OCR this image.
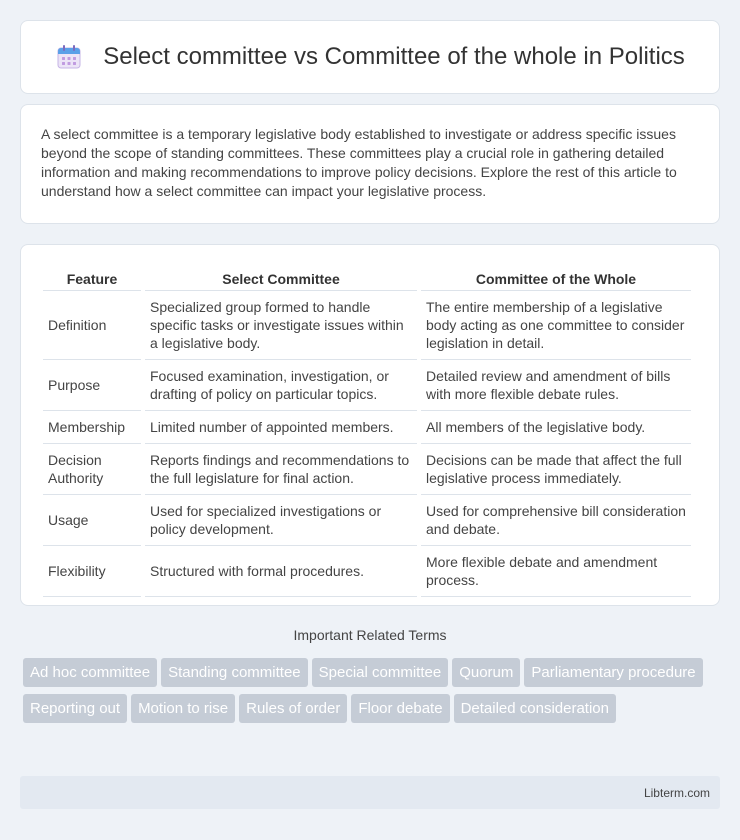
Select committee vs Committee of the whole in Politics

A select committee is a temporary legislative body established to investigate or address specific issues beyond the scope of standing committees. These committees play a crucial role in gathering detailed information and making recommendations to improve policy decisions. Explore the rest of this article to understand how a select committee can impact your legislative process.

Feature	Select Committee	Committee of the Whole
Definition	Specialized group formed to handle specific tasks or investigate issues within a legislative body.	The entire membership of a legislative body acting as one committee to consider legislation in detail.
Purpose	Focused examination, investigation, or drafting of policy on particular topics.	Detailed review and amendment of bills with more flexible debate rules.
Membership	Limited number of appointed members.	All members of the legislative body.
Decision Authority	Reports findings and recommendations to the full legislature for final action.	Decisions can be made that affect the full legislative process immediately.
Usage	Used for specialized investigations or policy development.	Used for comprehensive bill consideration and debate.
Flexibility	Structured with formal procedures.	More flexible debate and amendment process.
Important Related Terms
Ad hoc committee	Standing committee	Special committee	Quorum	Parliamentary procedure
Reporting out	Motion to rise	Rules of order	Floor debate	Detailed consideration
Libterm.com
